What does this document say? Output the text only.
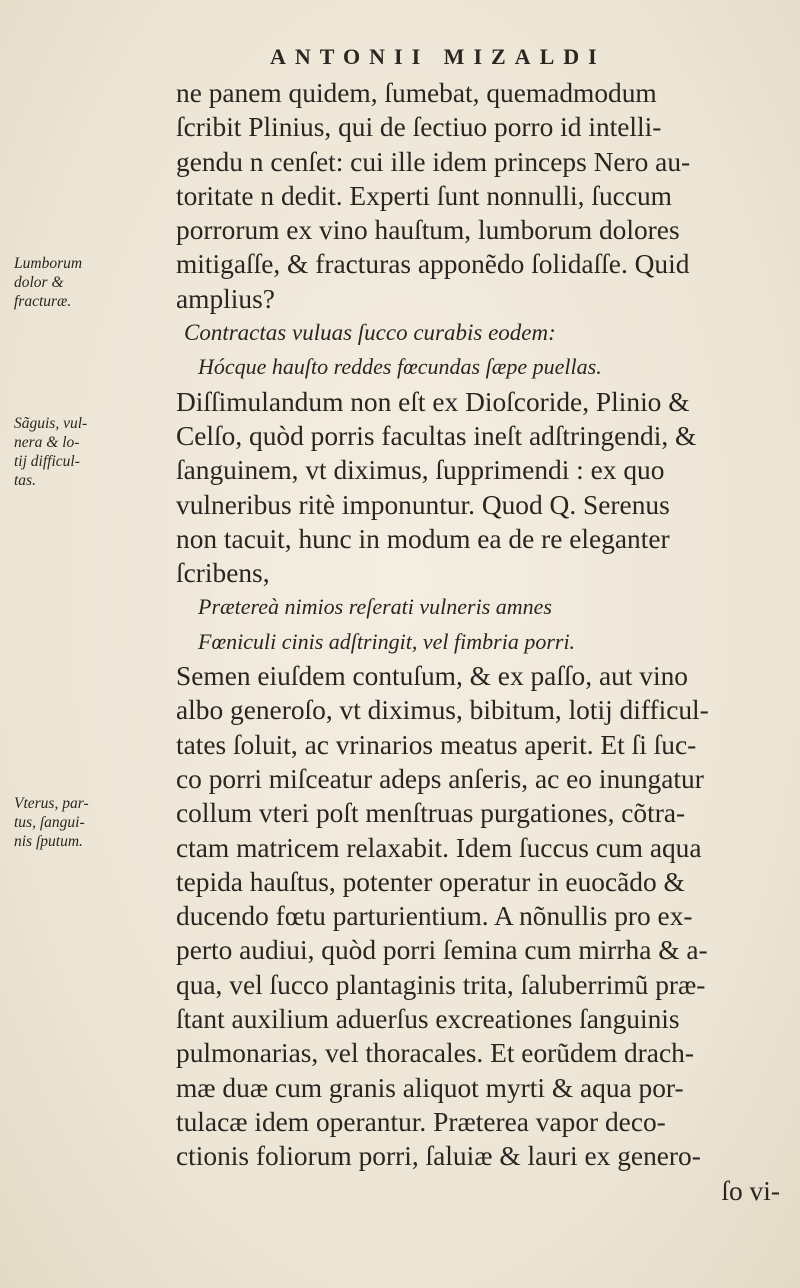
ANTONII MIZALDI
ne panem quidem, ſumebat, quemadmodum
ſcribit Plinius, qui de ſectiuo porro id intelli-
gendu n cenſet: cui ille idem princeps Nero au-
toritate n dedit. Experti ſunt nonnulli, ſuccum
porrorum ex vino hauſtum, lumborum dolores
mitigaſſe, & fracturas apponẽdo ſolidaſſe. Quid
amplius?
Contractas vuluas ſucco curabis eodem:
Hócque hauſto reddes fœcundas ſæpe puellas.
Diſſimulandum non eſt ex Dioſcoride, Plinio &
Celſo, quòd porris facultas ineſt adſtringendi, &
ſanguinem, vt diximus, ſupprimendi : ex quo
vulneribus ritè imponuntur. Quod Q. Serenus
non tacuit, hunc in modum ea de re eleganter
ſcribens,
Prætereà nimios reſerati vulneris amnes
Fœniculi cinis adſtringit, vel fimbria porri.
Semen eiuſdem contuſum, & ex paſſo, aut vino
albo generoſo, vt diximus, bibitum, lotij difficul-
tates ſoluit, ac vrinarios meatus aperit. Et ſi ſuc-
co porri miſceatur adeps anſeris, ac eo inungatur
collum vteri poſt menſtruas purgationes, cõtra-
ctam matricem relaxabit. Idem ſuccus cum aqua
tepida hauſtus, potenter operatur in euocãdo &
ducendo fœtu parturientium. A nõnullis pro ex-
perto audiui, quòd porri ſemina cum mirrha & a-
qua, vel ſucco plantaginis trita, ſaluberrimũ præ-
ſtant auxilium aduerſus excreationes ſanguinis
pulmonarias, vel thoracales. Et eorũdem drach-
mæ duæ cum granis aliquot myrti & aqua por-
tulacæ idem operantur. Præterea vapor deco-
ctionis foliorum porri, ſaluiæ & lauri ex genero-
ſo vi-
Lumborum
dolor &
fracturæ.
Sãguis, vul-
nera & lo-
tij difficul-
tas.
Vterus, par-
tus, ſangui-
nis ſputum.
